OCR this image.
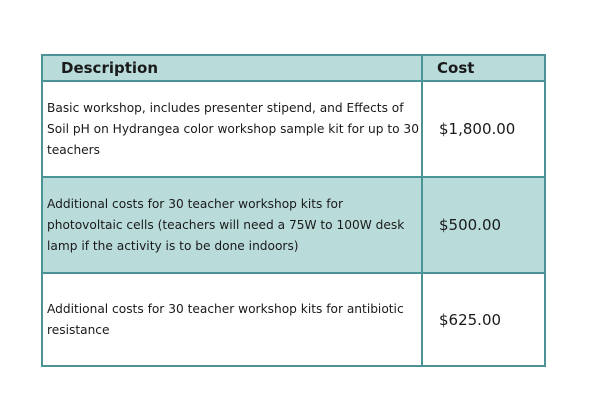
Description	Cost
Basic workshop, includes presenter stipend, and Effects of Soil pH on Hydrangea color workshop sample kit for up to 30 teachers	$1,800.00
Additional costs for 30 teacher workshop kits for photovoltaic cells (teachers will need a 75W to 100W desk lamp if the activity is to be done indoors)	$500.00
Additional costs for 30 teacher workshop kits for antibiotic resistance	$625.00
